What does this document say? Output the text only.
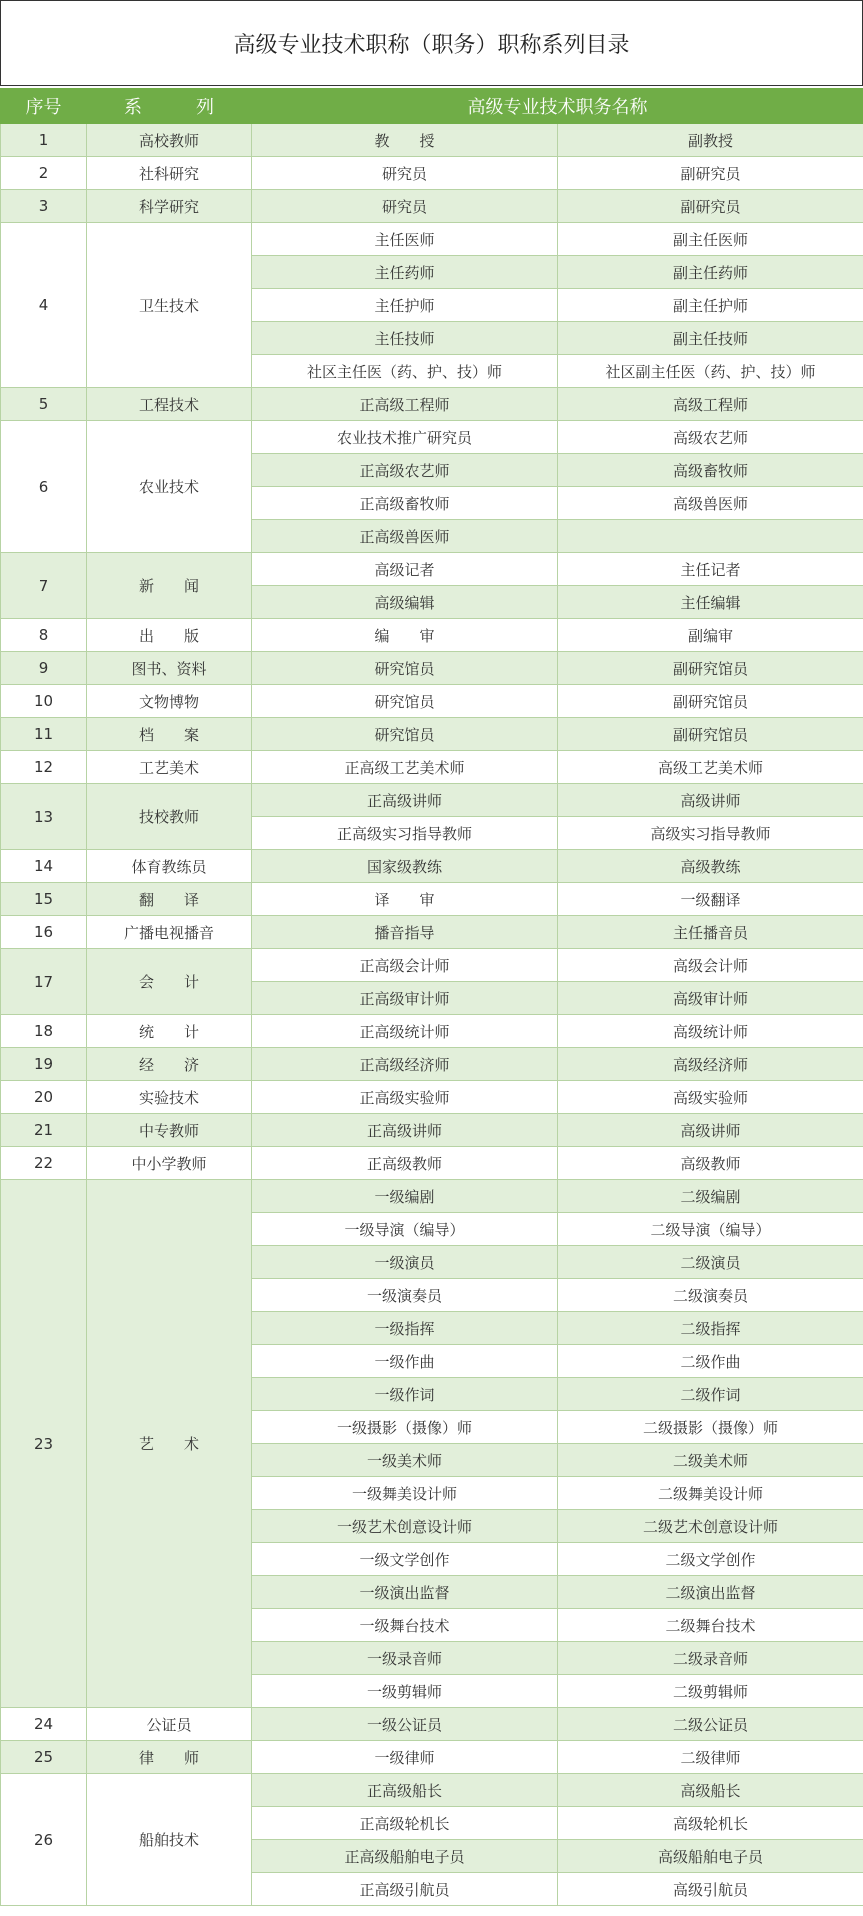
高级专业技术职称（职务）职称系列目录
序号	系　　　列	高级专业技术职务名称	
1	高校教师	教　　授	副教授
2	社科研究	研究员	副研究员
3	科学研究	研究员	副研究员
4	卫生技术	主任医师	副主任医师
		主任药师	副主任药师
		主任护师	副主任护师
		主任技师	副主任技师
		社区主任医（药、护、技）师	社区副主任医（药、护、技）师
5	工程技术	正高级工程师	高级工程师
6	农业技术	农业技术推广研究员	高级农艺师
		正高级农艺师	高级畜牧师
		正高级畜牧师	高级兽医师
		正高级兽医师	
7	新　　闻	高级记者	主任记者
		高级编辑	主任编辑
8	出　　版	编　　审	副编审
9	图书、资料	研究馆员	副研究馆员
10	文物博物	研究馆员	副研究馆员
11	档　　案	研究馆员	副研究馆员
12	工艺美术	正高级工艺美术师	高级工艺美术师
13	技校教师	正高级讲师	高级讲师
		正高级实习指导教师	高级实习指导教师
14	体育教练员	国家级教练	高级教练
15	翻　　译	译　　审	一级翻译
16	广播电视播音	播音指导	主任播音员
17	会　　计	正高级会计师	高级会计师
		正高级审计师	高级审计师
18	统　　计	正高级统计师	高级统计师
19	经　　济	正高级经济师	高级经济师
20	实验技术	正高级实验师	高级实验师
21	中专教师	正高级讲师	高级讲师
22	中小学教师	正高级教师	高级教师
23	艺　　术	一级编剧	二级编剧
		一级导演（编导）	二级导演（编导）
		一级演员	二级演员
		一级演奏员	二级演奏员
		一级指挥	二级指挥
		一级作曲	二级作曲
		一级作词	二级作词
		一级摄影（摄像）师	二级摄影（摄像）师
		一级美术师	二级美术师
		一级舞美设计师	二级舞美设计师
		一级艺术创意设计师	二级艺术创意设计师
		一级文学创作	二级文学创作
		一级演出监督	二级演出监督
		一级舞台技术	二级舞台技术
		一级录音师	二级录音师
		一级剪辑师	二级剪辑师
24	公证员	一级公证员	二级公证员
25	律　　师	一级律师	二级律师
26	船舶技术	正高级船长	高级船长
		正高级轮机长	高级轮机长
		正高级船舶电子员	高级船舶电子员
		正高级引航员	高级引航员
